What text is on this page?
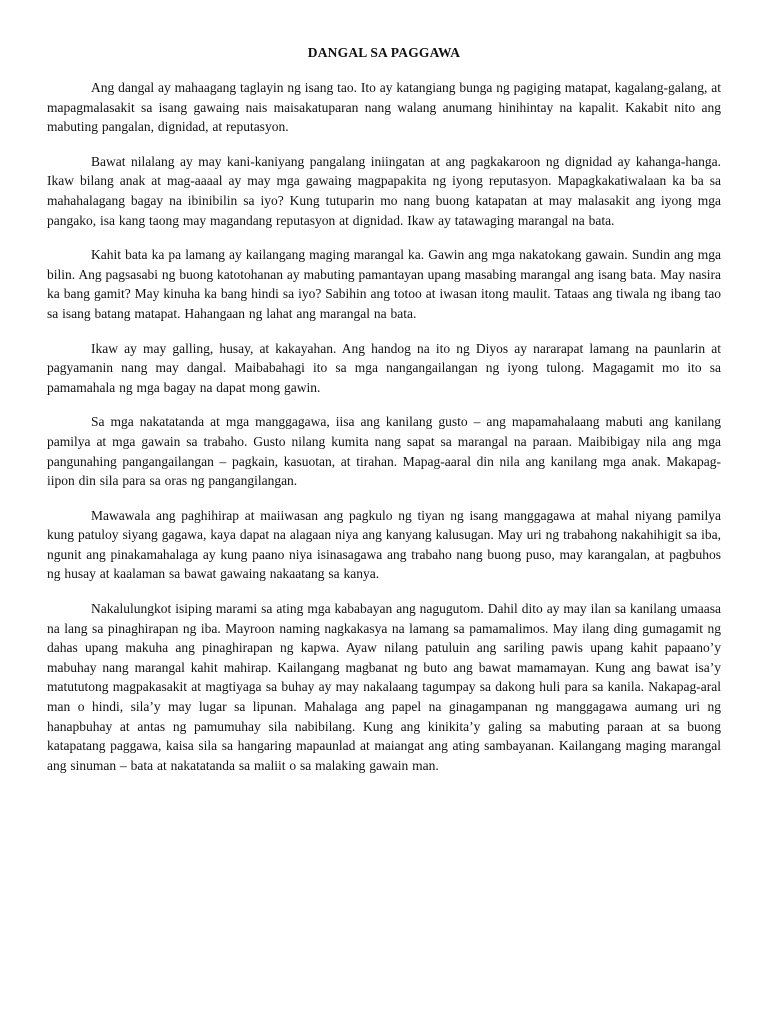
DANGAL SA PAGGAWA

Ang dangal ay mahaagang taglayin ng isang tao. Ito ay katangiang bunga ng pagiging matapat, kagalang-galang, at mapagmalasakit sa isang gawaing nais maisakatuparan nang walang anumang hinihintay na kapalit. Kakabit nito ang mabuting pangalan, dignidad, at reputasyon.

Bawat nilalang ay may kani-kaniyang pangalang iniingatan at ang pagkakaroon ng dignidad ay kahanga-hanga. Ikaw bilang anak at mag-aaaal ay may mga gawaing magpapakita ng iyong reputasyon. Mapagkakatiwalaan ka ba sa mahahalagang bagay na ibinibilin sa iyo? Kung tutuparin mo nang buong katapatan at may malasakit ang iyong mga pangako, isa kang taong may magandang reputasyon at dignidad. Ikaw ay tatawaging marangal na bata.

Kahit bata ka pa lamang ay kailangang maging marangal ka. Gawin ang mga nakatokang gawain. Sundin ang mga bilin. Ang pagsasabi ng buong katotohanan ay mabuting pamantayan upang masabing marangal ang isang bata. May nasira ka bang gamit? May kinuha ka bang hindi sa iyo? Sabihin ang totoo at iwasan itong maulit. Tataas ang tiwala ng ibang tao sa isang batang matapat. Hahangaan ng lahat ang marangal na bata.

Ikaw ay may galling, husay, at kakayahan. Ang handog na ito ng Diyos ay nararapat lamang na paunlarin at pagyamanin nang may dangal. Maibabahagi ito sa mga nangangailangan ng iyong tulong. Magagamit mo ito sa pamamahala ng mga bagay na dapat mong gawin.

Sa mga nakatatanda at mga manggagawa, iisa ang kanilang gusto – ang mapamahalaang mabuti ang kanilang pamilya at mga gawain sa trabaho. Gusto nilang kumita nang sapat sa marangal na paraan. Maibibigay nila ang mga pangunahing pangangailangan – pagkain, kasuotan, at tirahan. Mapag-aaral din nila ang kanilang mga anak. Makapag-iipon din sila para sa oras ng pangangilangan.

Mawawala ang paghihirap at maiiwasan ang pagkulo ng tiyan ng isang manggagawa at mahal niyang pamilya kung patuloy siyang gagawa, kaya dapat na alagaan niya ang kanyang kalusugan. May uri ng trabahong nakahihigit sa iba, ngunit ang pinakamahalaga ay kung paano niya isinasagawa ang trabaho nang buong puso, may karangalan, at pagbuhos ng husay at kaalaman sa bawat gawaing nakaatang sa kanya.

Nakalulungkot isiping marami sa ating mga kababayan ang nagugutom. Dahil dito ay may ilan sa kanilang umaasa na lang sa pinaghirapan ng iba. Mayroon naming nagkakasya na lamang sa pamamalimos. May ilang ding gumagamit ng dahas upang makuha ang pinaghirapan ng kapwa. Ayaw nilang patuluin ang sariling pawis upang kahit papaano’y mabuhay nang marangal kahit mahirap. Kailangang magbanat ng buto ang bawat mamamayan. Kung ang bawat isa’y matututong magpakasakit at magtiyaga sa buhay ay may nakalaang tagumpay sa dakong huli para sa kanila. Nakapag-aral man o hindi, sila’y may lugar sa lipunan. Mahalaga ang papel na ginagampanan ng manggagawa aumang uri ng hanapbuhay at antas ng pamumuhay sila nabibilang. Kung ang kinikita’y galing sa mabuting paraan at sa buong katapatang paggawa, kaisa sila sa hangaring mapaunlad at maiangat ang ating sambayanan. Kailangang maging marangal ang sinuman – bata at nakatatanda sa maliit o sa malaking gawain man.
